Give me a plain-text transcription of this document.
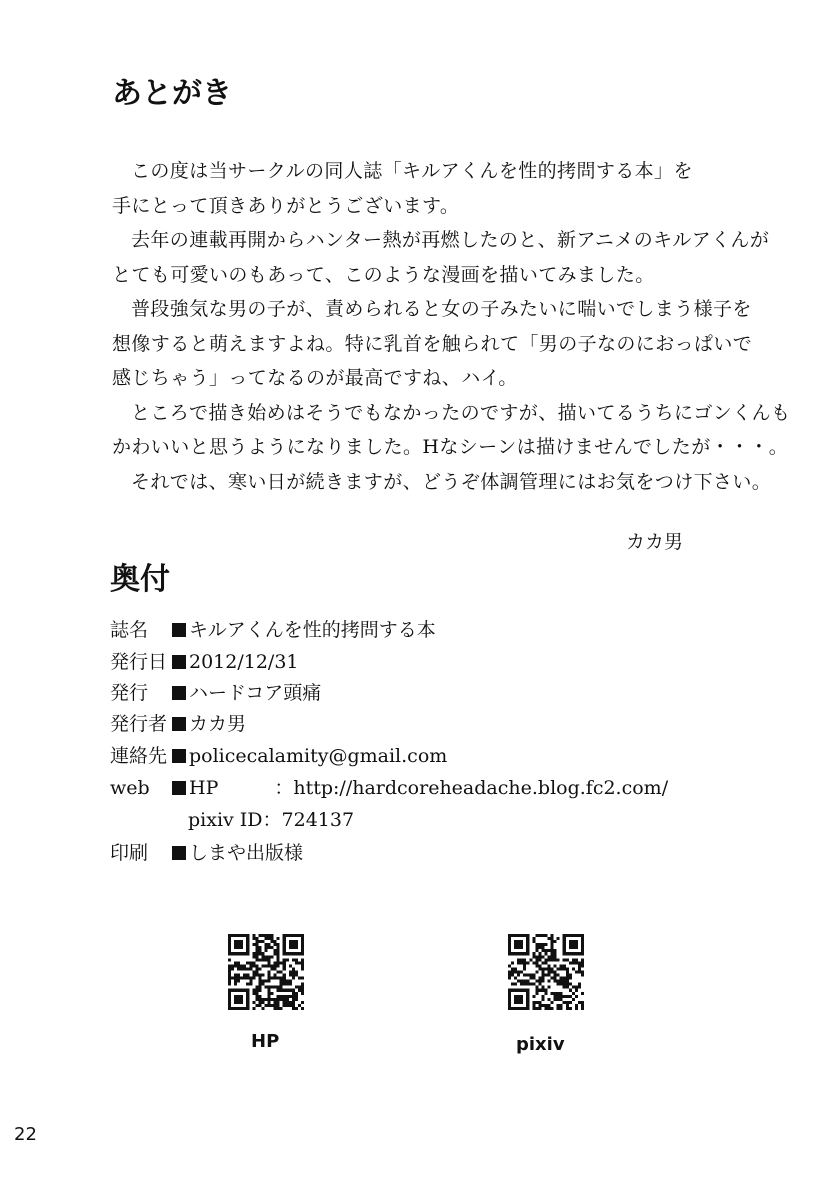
あとがき

この度は当サークルの同人誌「キルアくんを性的拷問する本」を

手にとって頂きありがとうございます。

去年の連載再開からハンター熱が再燃したのと、新アニメのキルアくんが

とても可愛いのもあって、このような漫画を描いてみました。

普段強気な男の子が、責められると女の子みたいに喘いでしまう様子を

想像すると萌えますよね。特に乳首を触られて「男の子なのにおっぱいで

感じちゃう」ってなるのが最高ですね、ハイ。

ところで描き始めはそうでもなかったのですが、描いてるうちにゴンくんも

かわいいと思うようになりました。Hなシーンは描けませんでしたが・・・。

それでは、寒い日が続きますが、どうぞ体調管理にはお気をつけ下さい。

カカ男
奥付
誌名	キルアくんを性的拷問する本
発行日 2012/12/31
発行	ハードコア頭痛
発行者 カカ男
連絡先 policecalamity@gmail.com
web	HP	：http://hardcoreheadache.blog.fc2.com/
pixiv ID：724137
印刷	しまや出版様
HP	pixiv
22
